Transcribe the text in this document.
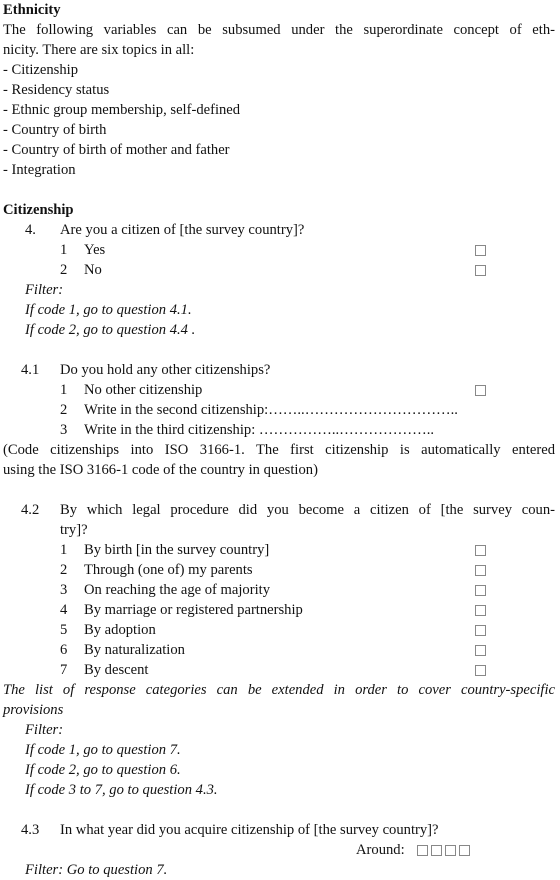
Ethnicity
The following variables can be subsumed under the superordinate concept of eth-
nicity. There are six topics in all:
- Citizenship
- Residency status
- Ethnic group membership, self-defined
- Country of birth
- Country of birth of mother and father
- Integration
Citizenship
4. Are you a citizen of [the survey country]?
1 Yes
2 No
Filter:
If code 1, go to question 4.1.
If code 2, go to question 4.4 .
4.1 Do you hold any other citizenships?
1 No other citizenship
2 Write in the second citizenship:……..…………………………..
3 Write in the third citizenship: ……………..………………..
(Code citizenships into ISO 3166-1. The first citizenship is automatically entered
using the ISO 3166-1 code of the country in question)
4.2 By which legal procedure did you become a citizen of [the survey coun-
try]?
1 By birth [in the survey country]
2 Through (one of) my parents
3 On reaching the age of majority
4 By marriage or registered partnership
5 By adoption
6 By naturalization
7 By descent
The list of response categories can be extended in order to cover country-specific
provisions
Filter:
If code 1, go to question 7.
If code 2, go to question 6.
If code 3 to 7, go to question 4.3.
4.3 In what year did you acquire citizenship of [the survey country]?
Around:
Filter: Go to question 7.
